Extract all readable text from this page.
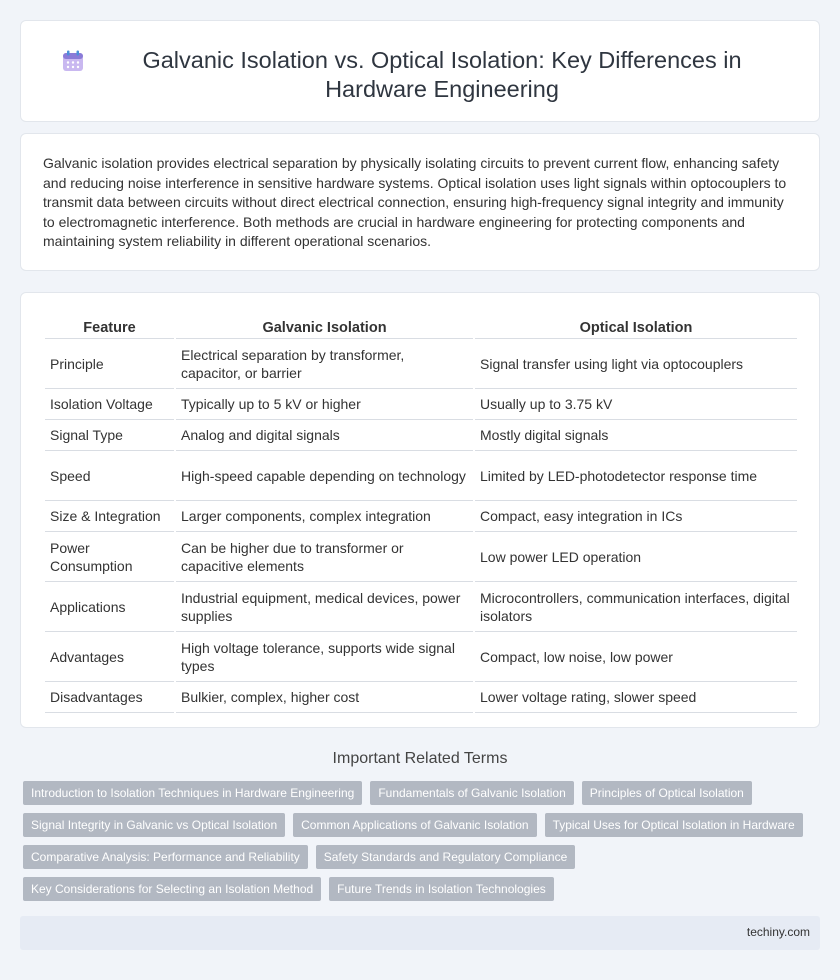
Galvanic Isolation vs. Optical Isolation: Key Differences in Hardware Engineering

Galvanic isolation provides electrical separation by physically isolating circuits to prevent current flow, enhancing safety and reducing noise interference in sensitive hardware systems. Optical isolation uses light signals within optocouplers to transmit data between circuits without direct electrical connection, ensuring high-frequency signal integrity and immunity to electromagnetic interference. Both methods are crucial in hardware engineering for protecting components and maintaining system reliability in different operational scenarios.

Feature	Galvanic Isolation	Optical Isolation
Principle	Electrical separation by transformer, capacitor, or barrier	Signal transfer using light via optocouplers
Isolation Voltage	Typically up to 5 kV or higher	Usually up to 3.75 kV
Signal Type	Analog and digital signals	Mostly digital signals
Speed	High-speed capable depending on technology	Limited by LED-photodetector response time
Size & Integration	Larger components, complex integration	Compact, easy integration in ICs
Power Consumption	Can be higher due to transformer or capacitive elements	Low power LED operation
Applications	Industrial equipment, medical devices, power supplies	Microcontrollers, communication interfaces, digital isolators
Advantages	High voltage tolerance, supports wide signal types	Compact, low noise, low power
Disadvantages	Bulkier, complex, higher cost	Lower voltage rating, slower speed
Important Related Terms
Introduction to Isolation Techniques in Hardware Engineering	Fundamentals of Galvanic Isolation	Principles of Optical Isolation
Signal Integrity in Galvanic vs Optical Isolation	Common Applications of Galvanic Isolation	Typical Uses for Optical Isolation in Hardware
Comparative Analysis: Performance and Reliability	Safety Standards and Regulatory Compliance
Key Considerations for Selecting an Isolation Method	Future Trends in Isolation Technologies
techiny.com
